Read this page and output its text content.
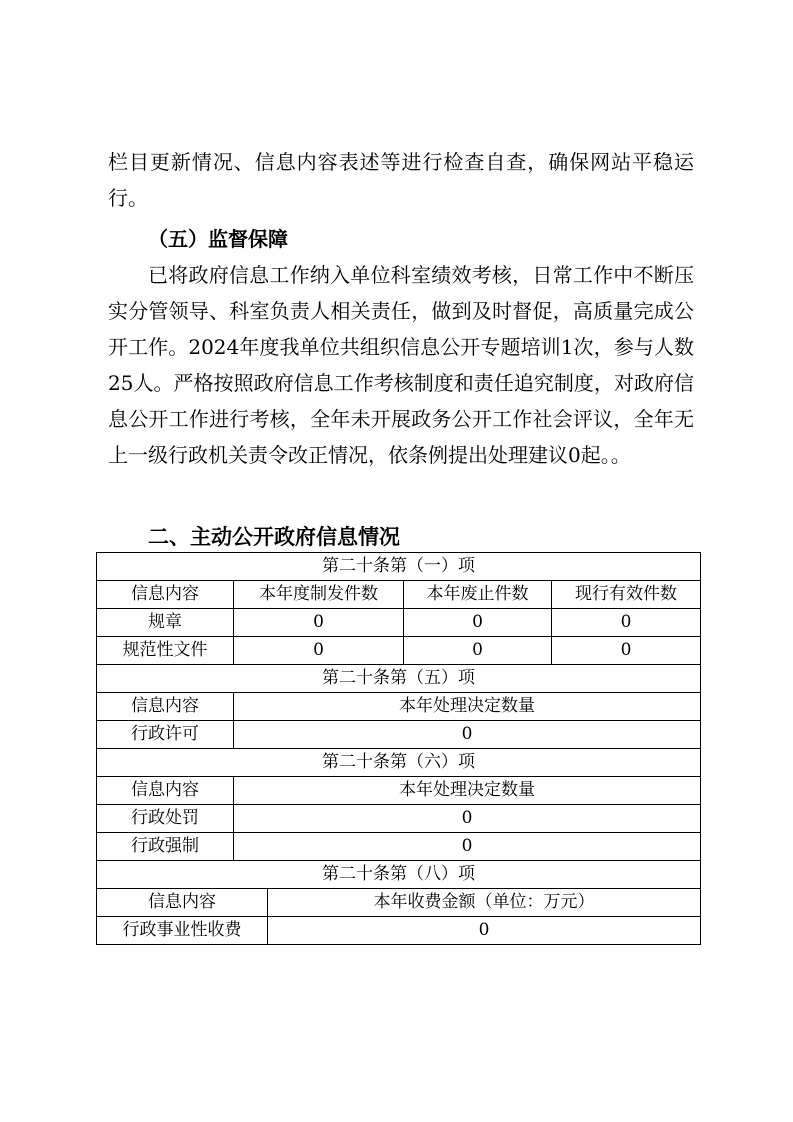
栏目更新情况、信息内容表述等进行检查自查，确保网站平稳运行。

（五）监督保障

已将政府信息工作纳入单位科室绩效考核，日常工作中不断压实分管领导、科室负责人相关责任，做到及时督促，高质量完成公开工作。2024年度我单位共组织信息公开专题培训1次，参与人数25人。严格按照政府信息工作考核制度和责任追究制度，对政府信息公开工作进行考核，全年未开展政务公开工作社会评议，全年无上一级行政机关责令改正情况，依条例提出处理建议0起。。

二、主动公开政府信息情况

第二十条第（一）项				
信息内容	本年度制发件数		本年废止件数	现行有效件数
规章	0		0	0
规范性文件	0		0	0
第二十条第（五）项				
信息内容	本年处理决定数量			
行政许可	0			
第二十条第（六）项				
信息内容	本年处理决定数量			
行政处罚	0			
行政强制	0			
第二十条第（八）项				
信息内容		本年收费金额（单位：万元）		
行政事业性收费		0		
